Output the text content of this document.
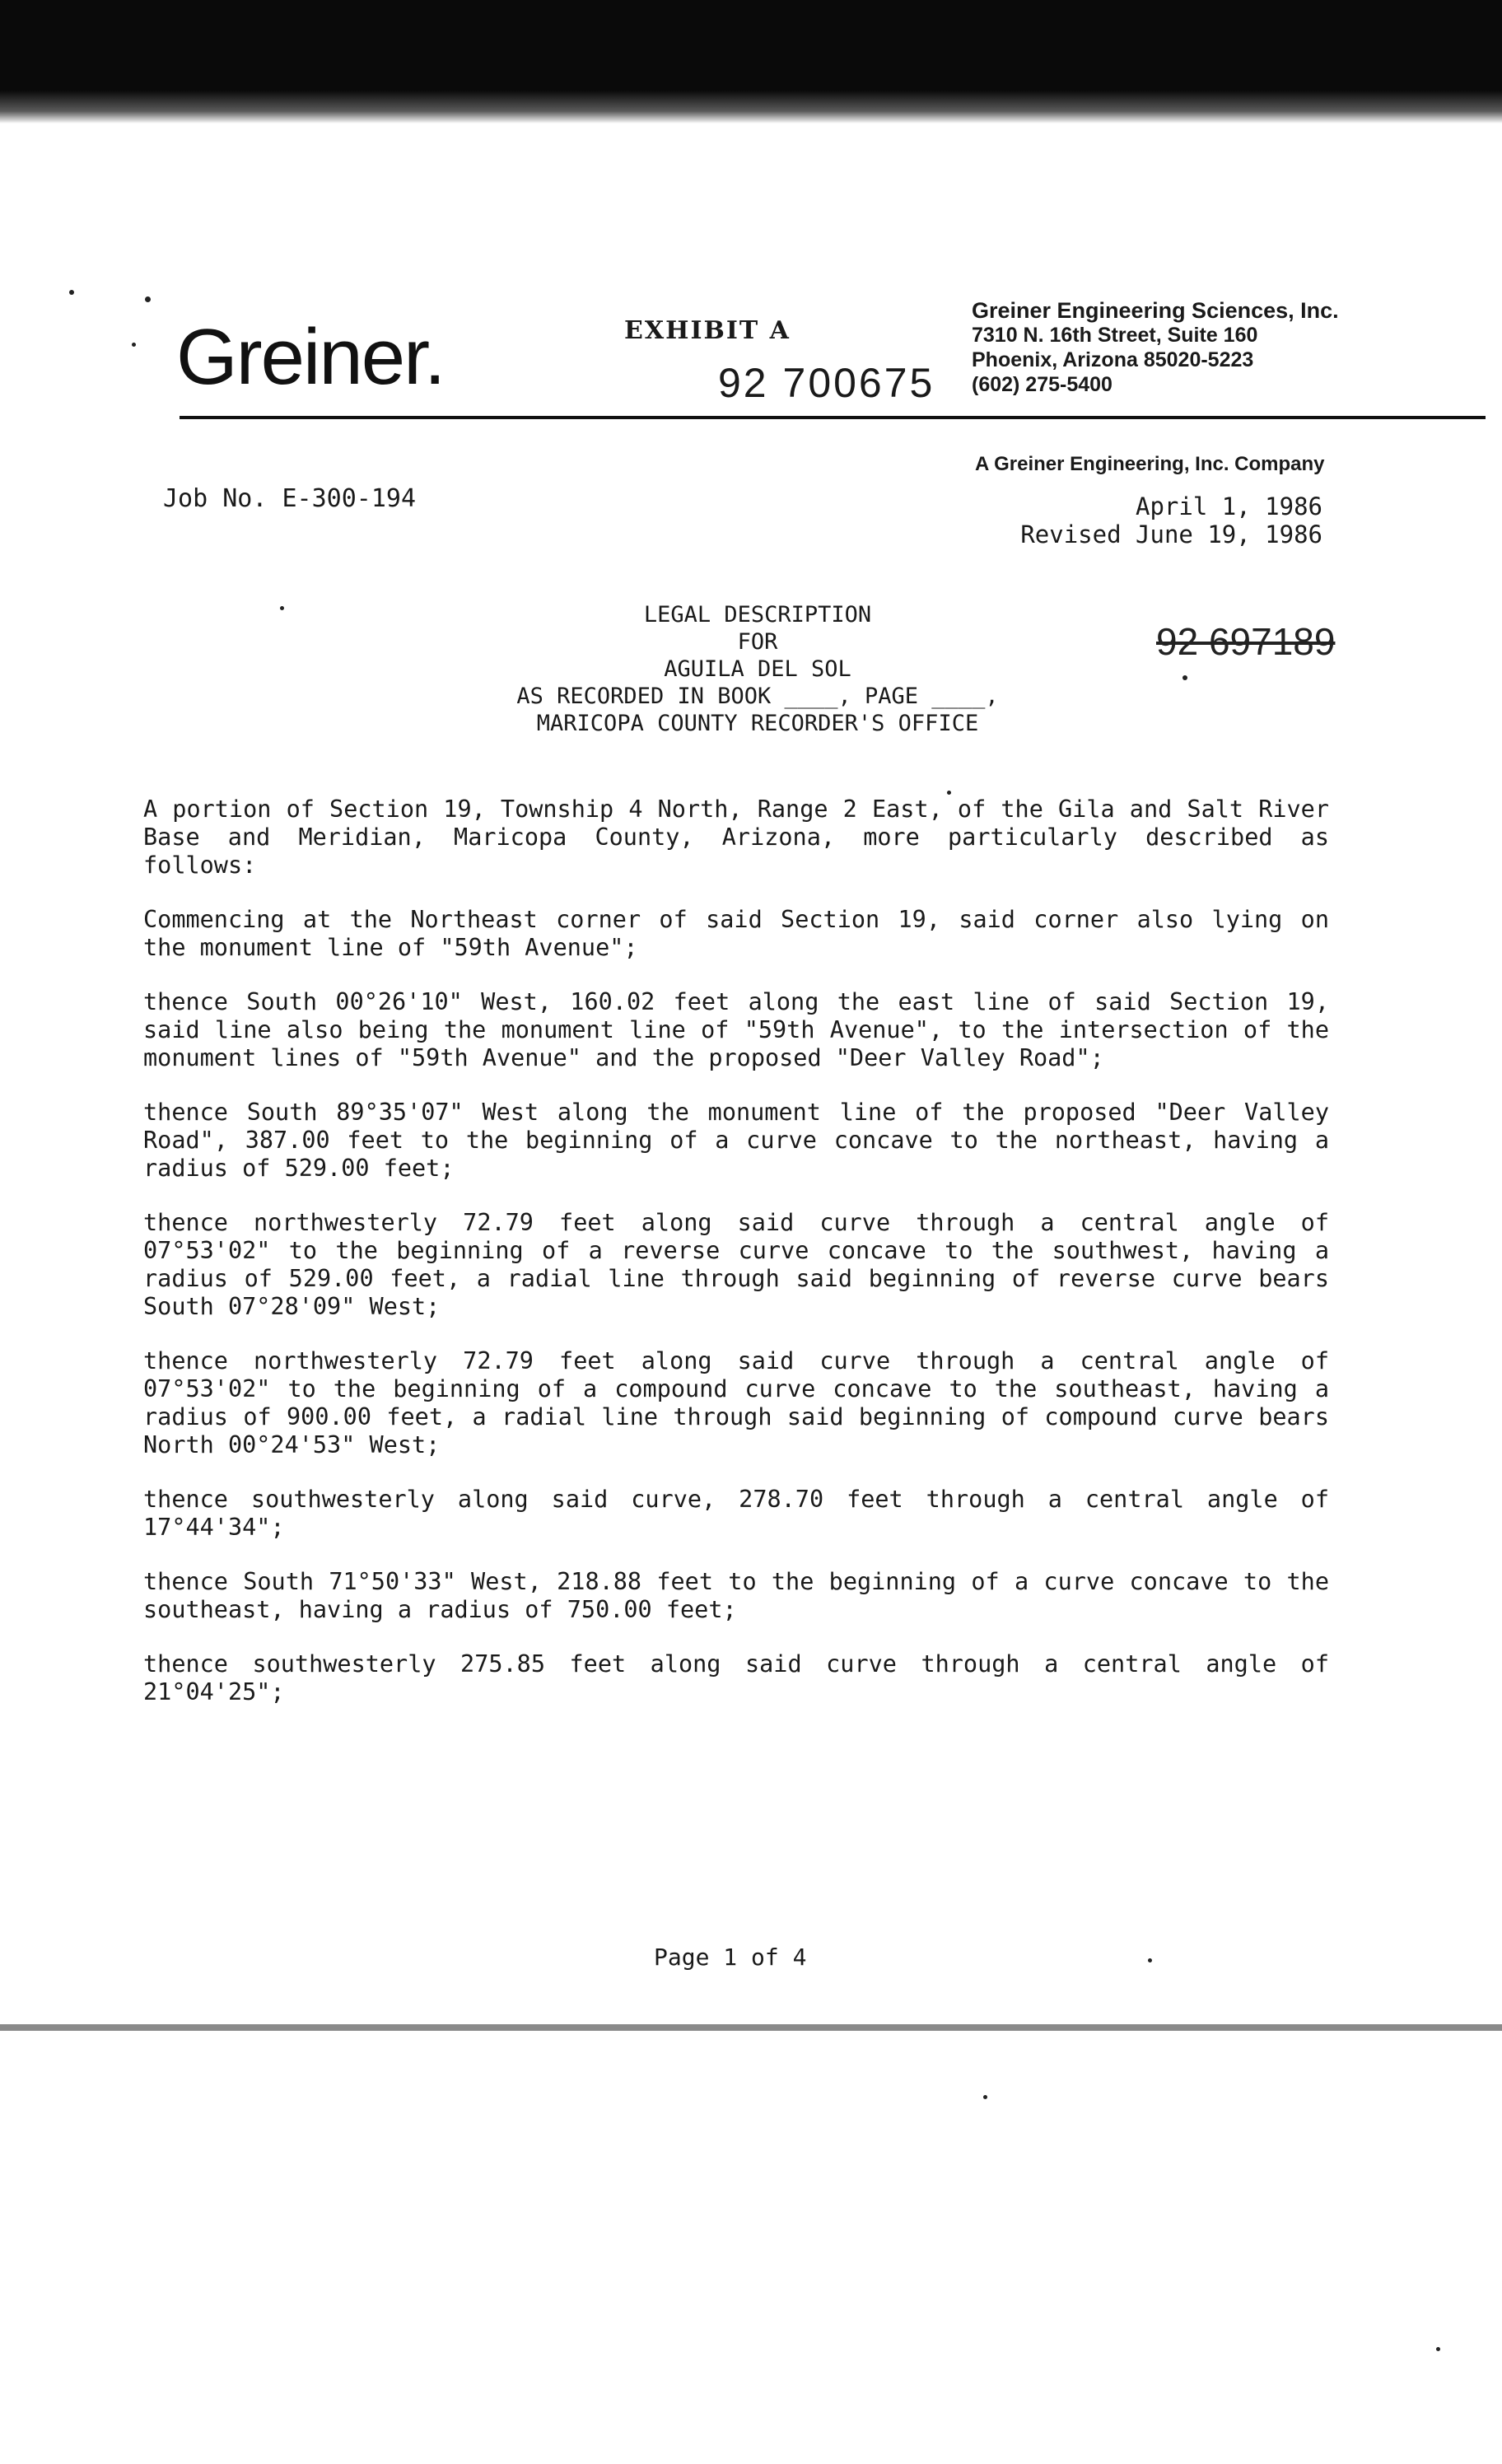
Greiner.	EXHIBIT A
92 700675
Greiner Engineering Sciences, Inc.
7310 N. 16th Street, Suite 160
Phoenix, Arizona 85020-5223
(602) 275-5400
A Greiner Engineering, Inc. Company
Job No. E-300-194	April 1, 1986
Revised June 19, 1986
92 697189
LEGAL DESCRIPTION
FOR
AGUILA DEL SOL
AS RECORDED IN BOOK ____, PAGE ____,
MARICOPA COUNTY RECORDER'S OFFICE

A portion of Section 19, Township 4 North, Range 2 East, of the Gila and Salt River Base and Meridian, Maricopa County, Arizona, more particularly described as follows:

Commencing at the Northeast corner of said Section 19, said corner also lying on the monument line of "59th Avenue";

thence South 00°26'10" West, 160.02 feet along the east line of said Section 19, said line also being the monument line of "59th Avenue", to the intersection of the monument lines of "59th Avenue" and the proposed "Deer Valley Road";

thence South 89°35'07" West along the monument line of the proposed "Deer Valley Road", 387.00 feet to the beginning of a curve concave to the northeast, having a radius of 529.00 feet;

thence northwesterly 72.79 feet along said curve through a central angle of 07°53'02" to the beginning of a reverse curve concave to the southwest, having a radius of 529.00 feet, a radial line through said beginning of reverse curve bears South 07°28'09" West;

thence northwesterly 72.79 feet along said curve through a central angle of 07°53'02" to the beginning of a compound curve concave to the southeast, having a radius of 900.00 feet, a radial line through said beginning of compound curve bears North 00°24'53" West;

thence southwesterly along said curve, 278.70 feet through a central angle of 17°44'34";

thence South 71°50'33" West, 218.88 feet to the beginning of a curve concave to the southeast, having a radius of 750.00 feet;

thence southwesterly 275.85 feet along said curve through a central angle of 21°04'25";

Page 1 of 4
